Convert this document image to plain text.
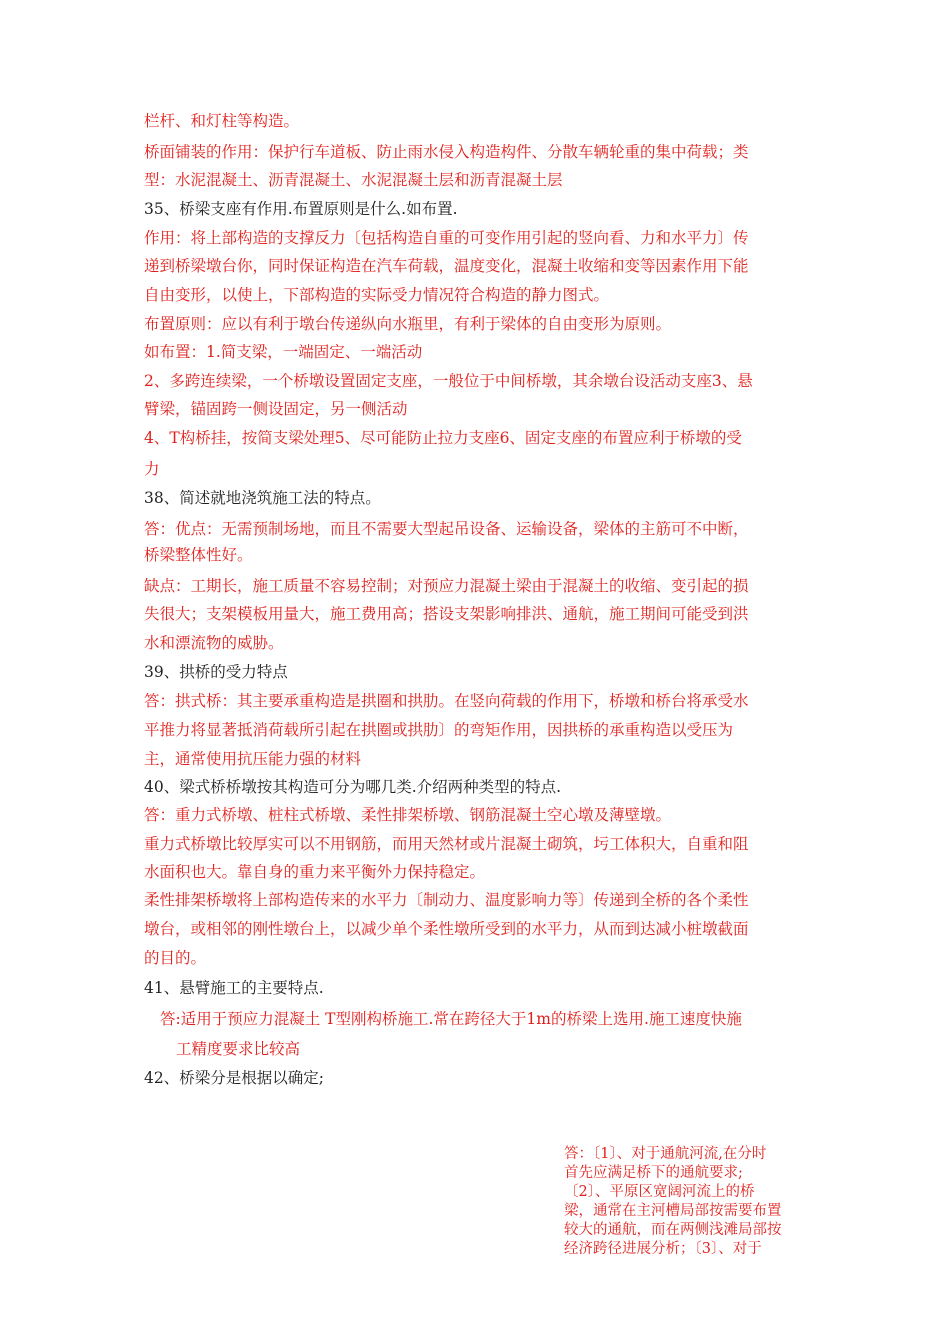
栏杆、和灯柱等构造。
桥面铺装的作用：保护行车道板、防止雨水侵入构造构件、分散车辆轮重的集中荷载；类
型：水泥混凝土、沥青混凝土、水泥混凝土层和沥青混凝土层
35、桥梁支座有作用.布置原则是什么.如布置.
作用：将上部构造的支撑反力〔包括构造自重的可变作用引起的竖向看、力和水平力〕传
递到桥梁墩台你，同时保证构造在汽车荷载，温度变化，混凝土收缩和变等因素作用下能
自由变形，以使上，下部构造的实际受力情况符合构造的静力图式。
布置原则：应以有利于墩台传递纵向水瓶里，有利于梁体的自由变形为原则。
如布置：1.简支梁，一端固定、一端活动
2、多跨连续梁，一个桥墩设置固定支座，一般位于中间桥墩，其余墩台设活动支座3、悬
臂梁，锚固跨一侧设固定，另一侧活动
4、T构桥挂，按简支梁处理5、尽可能防止拉力支座6、固定支座的布置应利于桥墩的受
力
38、简述就地浇筑施工法的特点。
答：优点：无需预制场地，而且不需要大型起吊设备、运输设备，梁体的主筋可不中断，
桥梁整体性好。
缺点：工期长，施工质量不容易控制；对预应力混凝土梁由于混凝土的收缩、变引起的损
失很大；支架模板用量大，施工费用高；搭设支架影响排洪、通航，施工期间可能受到洪
水和漂流物的威胁。
39、拱桥的受力特点
答：拱式桥：其主要承重构造是拱圈和拱肋。在竖向荷载的作用下，桥墩和桥台将承受水
平推力将显著抵消荷载所引起在拱圈或拱肋〕的弯矩作用，因拱桥的承重构造以受压为
主，通常使用抗压能力强的材料
40、梁式桥桥墩按其构造可分为哪几类.介绍两种类型的特点.
答：重力式桥墩、桩柱式桥墩、柔性排架桥墩、钢筋混凝土空心墩及薄壁墩。
重力式桥墩比较厚实可以不用钢筋，而用天然材或片混凝土砌筑，圬工体积大，自重和阻
水面积也大。靠自身的重力来平衡外力保持稳定。
柔性排架桥墩将上部构造传来的水平力〔制动力、温度影响力等〕传递到全桥的各个柔性
墩台，或相邻的刚性墩台上，以减少单个柔性墩所受到的水平力，从而到达减小桩墩截面
的目的。
41、悬臂施工的主要特点.
答:适用于预应力混凝土 T型刚构桥施工.常在跨径大于1m的桥梁上选用.施工速度快施
工精度要求比较高
42、桥梁分是根据以确定;
答：〔1〕、对于通航河流,在分时
首先应满足桥下的通航要求;
〔2〕、平原区宽阔河流上的桥
梁，通常在主河槽局部按需要布置
较大的通航，而在两侧浅滩局部按
经济跨径进展分析；〔3〕、对于
